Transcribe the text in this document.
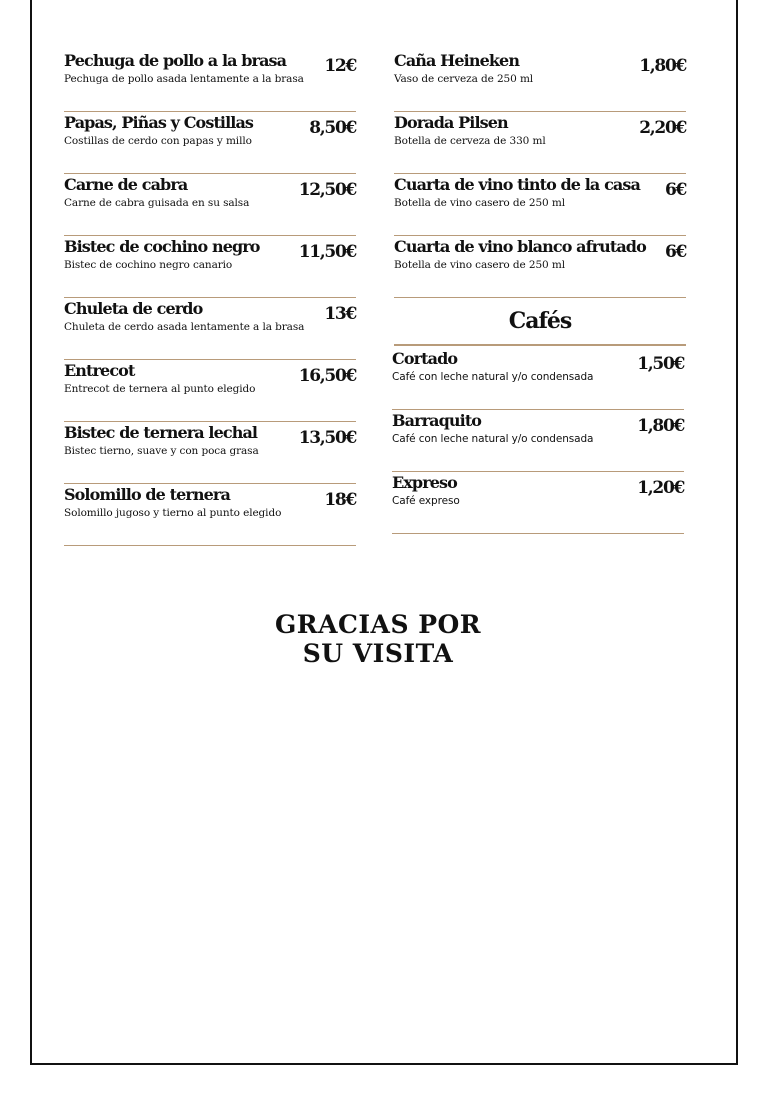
Pechuga de pollo a la brasa
Pechuga de pollo asada lentamente a la brasa
12€
Papas, Piñas y Costillas
Costillas de cerdo con papas y millo
8,50€
Carne de cabra
Carne de cabra guisada en su salsa
12,50€
Bistec de cochino negro
Bistec de cochino negro canario
11,50€
Chuleta de cerdo
Chuleta de cerdo asada lentamente a la brasa
13€
Entrecot
Entrecot de ternera al punto elegido
16,50€
Bistec de ternera lechal
Bistec tierno, suave y con poca grasa
13,50€
Solomillo de ternera
Solomillo jugoso y tierno al punto elegido
18€
Caña Heineken
Vaso de cerveza de 250 ml
1,80€
Dorada Pilsen
Botella de cerveza de 330 ml
2,20€
Cuarta de vino tinto de la casa
Botella de vino casero de 250 ml
6€
Cuarta de vino blanco afrutado
Botella de vino casero de 250 ml
6€
Cafés
Cortado
Café con leche natural y/o condensada
1,50€
Barraquito
Café con leche natural y/o condensada
1,80€
Expreso
Café expreso
1,20€
GRACIAS POR
SU VISITA
